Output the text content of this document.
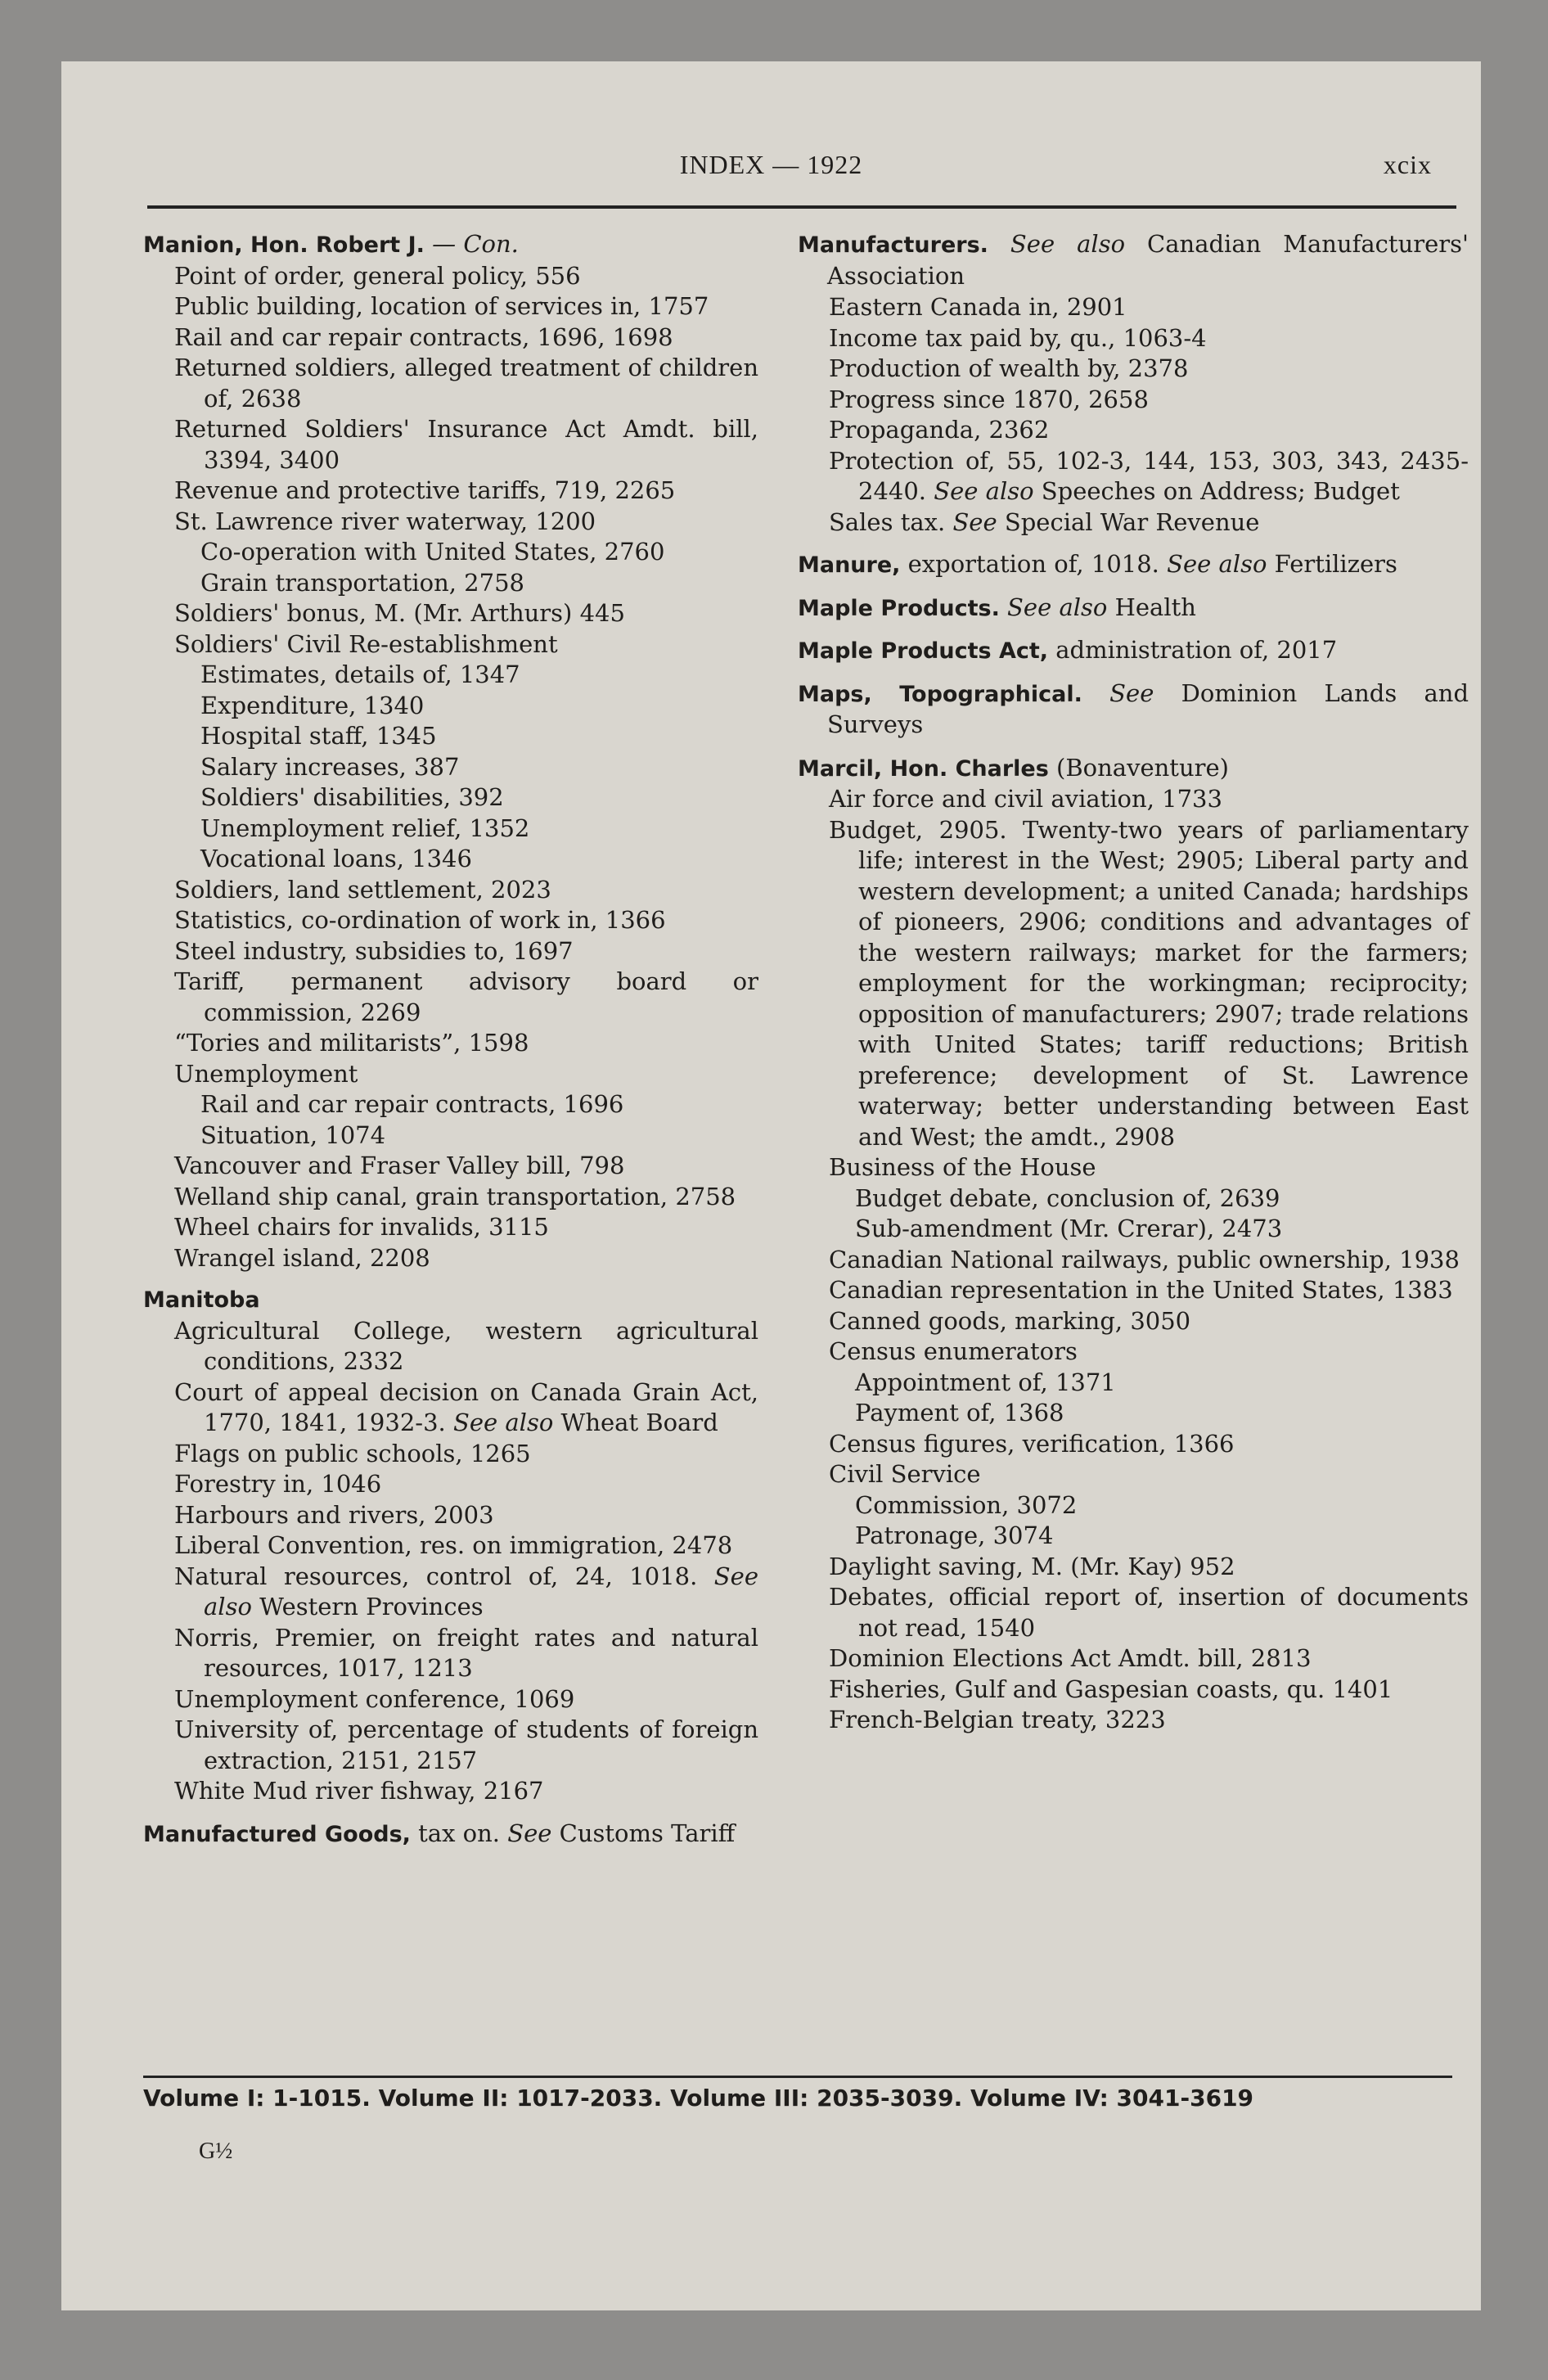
INDEX — 1922	xcix

Manion, Hon. Robert J. — Con.

Point of order, general policy, 556

Public building, location of services in, 1757

Rail and car repair contracts, 1696, 1698

Returned soldiers, alleged treatment of children of, 2638

Returned Soldiers' Insurance Act Amdt. bill, 3394, 3400

Revenue and protective tariffs, 719, 2265

St. Lawrence river waterway, 1200

Co-operation with United States, 2760

Grain transportation, 2758

Soldiers' bonus, M. (Mr. Arthurs) 445

Soldiers' Civil Re-establishment

Estimates, details of, 1347

Expenditure, 1340

Hospital staff, 1345

Salary increases, 387

Soldiers' disabilities, 392

Unemployment relief, 1352

Vocational loans, 1346

Soldiers, land settlement, 2023

Statistics, co-ordination of work in, 1366

Steel industry, subsidies to, 1697

Tariff, permanent advisory board or commission, 2269

“Tories and militarists”, 1598

Unemployment

Rail and car repair contracts, 1696

Situation, 1074

Vancouver and Fraser Valley bill, 798

Welland ship canal, grain transportation, 2758

Wheel chairs for invalids, 3115

Wrangel island, 2208

Manitoba

Agricultural College, western agricultural conditions, 2332

Court of appeal decision on Canada Grain Act, 1770, 1841, 1932-3. See also Wheat Board

Flags on public schools, 1265

Forestry in, 1046

Harbours and rivers, 2003

Liberal Convention, res. on immigration, 2478

Natural resources, control of, 24, 1018. See also Western Provinces

Norris, Premier, on freight rates and natural resources, 1017, 1213

Unemployment conference, 1069

University of, percentage of students of foreign extraction, 2151, 2157

White Mud river fishway, 2167

Manufactured Goods, tax on. See Customs Tariff

Manufacturers. See also Canadian Manufacturers' Association

Eastern Canada in, 2901

Income tax paid by, qu., 1063-4

Production of wealth by, 2378

Progress since 1870, 2658

Propaganda, 2362

Protection of, 55, 102-3, 144, 153, 303, 343, 2435-2440. See also Speeches on Address; Budget

Sales tax. See Special War Revenue

Manure, exportation of, 1018. See also Fertilizers

Maple Products. See also Health

Maple Products Act, administration of, 2017

Maps, Topographical. See Dominion Lands and Surveys

Marcil, Hon. Charles (Bonaventure)

Air force and civil aviation, 1733

Budget, 2905. Twenty-two years of parliamentary life; interest in the West; 2905; Liberal party and western development; a united Canada; hardships of pioneers, 2906; conditions and advantages of the western railways; market for the farmers; employment for the workingman; reciprocity; opposition of manufacturers; 2907; trade relations with United States; tariff reductions; British preference; development of St. Lawrence waterway; better understanding between East and West; the amdt., 2908

Business of the House

Budget debate, conclusion of, 2639

Sub-amendment (Mr. Crerar), 2473

Canadian National railways, public ownership, 1938

Canadian representation in the United States, 1383

Canned goods, marking, 3050

Census enumerators

Appointment of, 1371

Payment of, 1368

Census figures, verification, 1366

Civil Service

Commission, 3072

Patronage, 3074

Daylight saving, M. (Mr. Kay) 952

Debates, official report of, insertion of documents not read, 1540

Dominion Elections Act Amdt. bill, 2813

Fisheries, Gulf and Gaspesian coasts, qu. 1401

French-Belgian treaty, 3223

Volume I: 1-1015. Volume II: 1017-2033. Volume III: 2035-3039. Volume IV: 3041-3619
G½
